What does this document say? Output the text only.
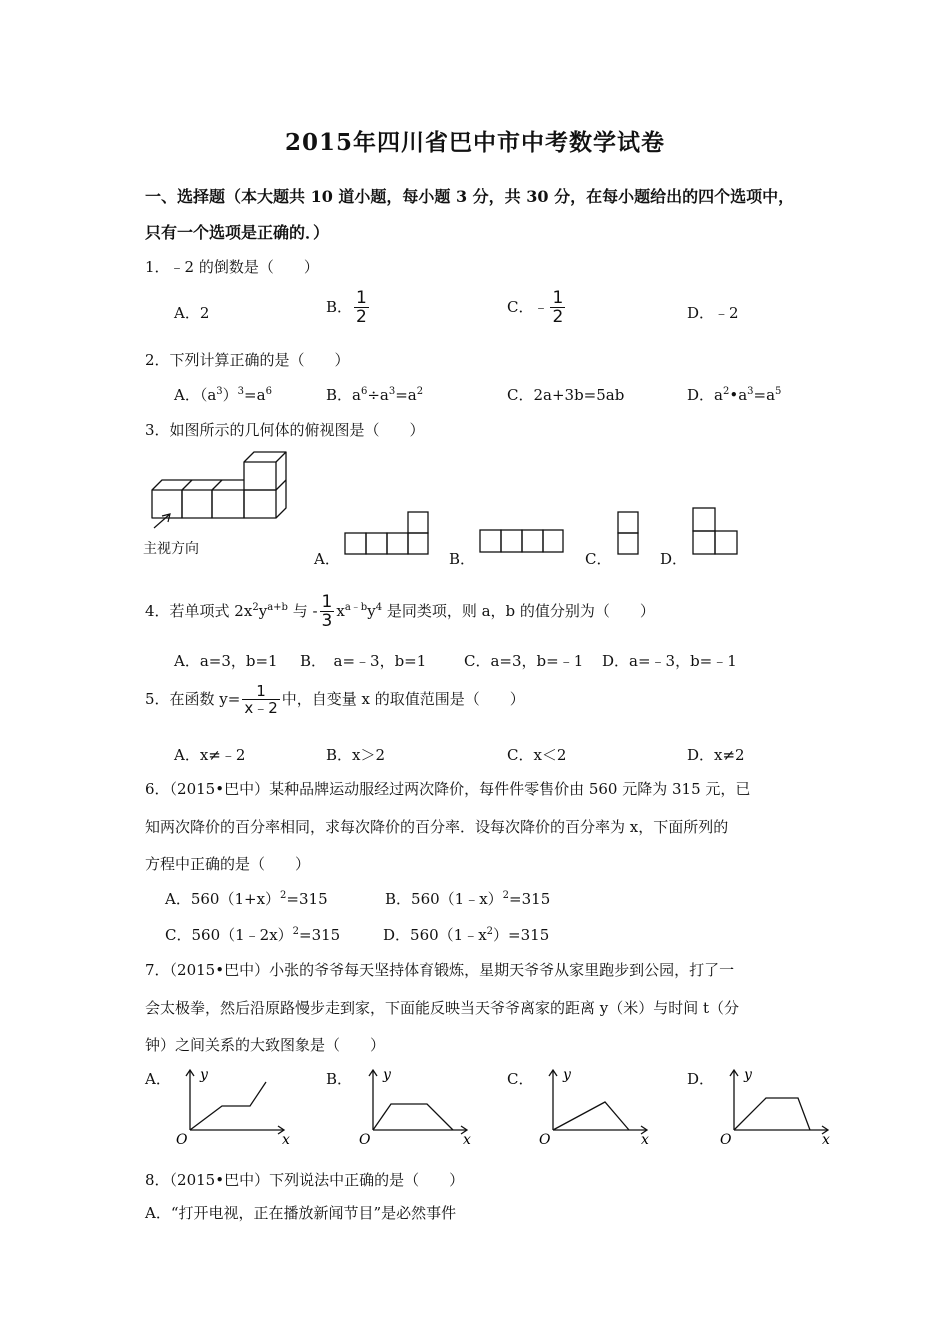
2015年四川省巴中市中考数学试卷
一、选择题（本大题共 10 道小题，每小题 3 分，共 30 分，在每小题给出的四个选项中，
只有一个选项是正确的．）
1．﹣2 的倒数是（　　）
A．2	B． $\frac{1}{2}$	C．﹣ $\frac{1}{2}$	D．﹣2
2．下列计算正确的是（　　）
A．$(a^3)^3=a^6$	B．$a^6\div a^3=a^2$	C．2a+3b=5ab	D．$a^2•a^3=a^5$
3．如图所示的几何体的俯视图是（　　）
主视方向
A．	B．	C．	D．
4．若单项式 $2x^2y^{a+b}$ 与 - $\frac{1}{3} x^{a﹣b}y^4$ 是同类项，则 a，b 的值分别为（　　）
A．a=3，b=1 B．　a=﹣3，b=1	C．a=3，b=﹣1 D．a=﹣3，b=﹣1
5．在函数 $y= \frac{1}{x﹣2}$ 中，自变量 x 的取值范围是（　　）
A．x≠﹣2	B．x＞2	C．x＜2	D．x≠2
6．（2015•巴中）某种品牌运动服经过两次降价，每件件零售价由 560 元降为 315 元，已
知两次降价的百分率相同，求每次降价的百分率．设每次降价的百分率为 x，下面所列的
方程中正确的是（　　）
A．$560(1+x)^2=315$	B．560（1﹣x）$^2$=315
C．560（1﹣2x）$^2$=315	D．$560(1﹣x^2)=315$
7．（2015•巴中）小张的爷爷每天坚持体育锻炼，星期天爷爷从家里跑步到公园，打了一
会太极拳，然后沿原路慢步走到家，下面能反映当天爷爷离家的距离 y（米）与时间 t（分
钟）之间关系的大致图象是（　　）
A． y
O	x
B． y
O	x
C． y
O	x
D． y
O	x
8．（2015•巴中）下列说法中正确的是（　　）
A．“打开电视，正在播放新闻节目”是必然事件
